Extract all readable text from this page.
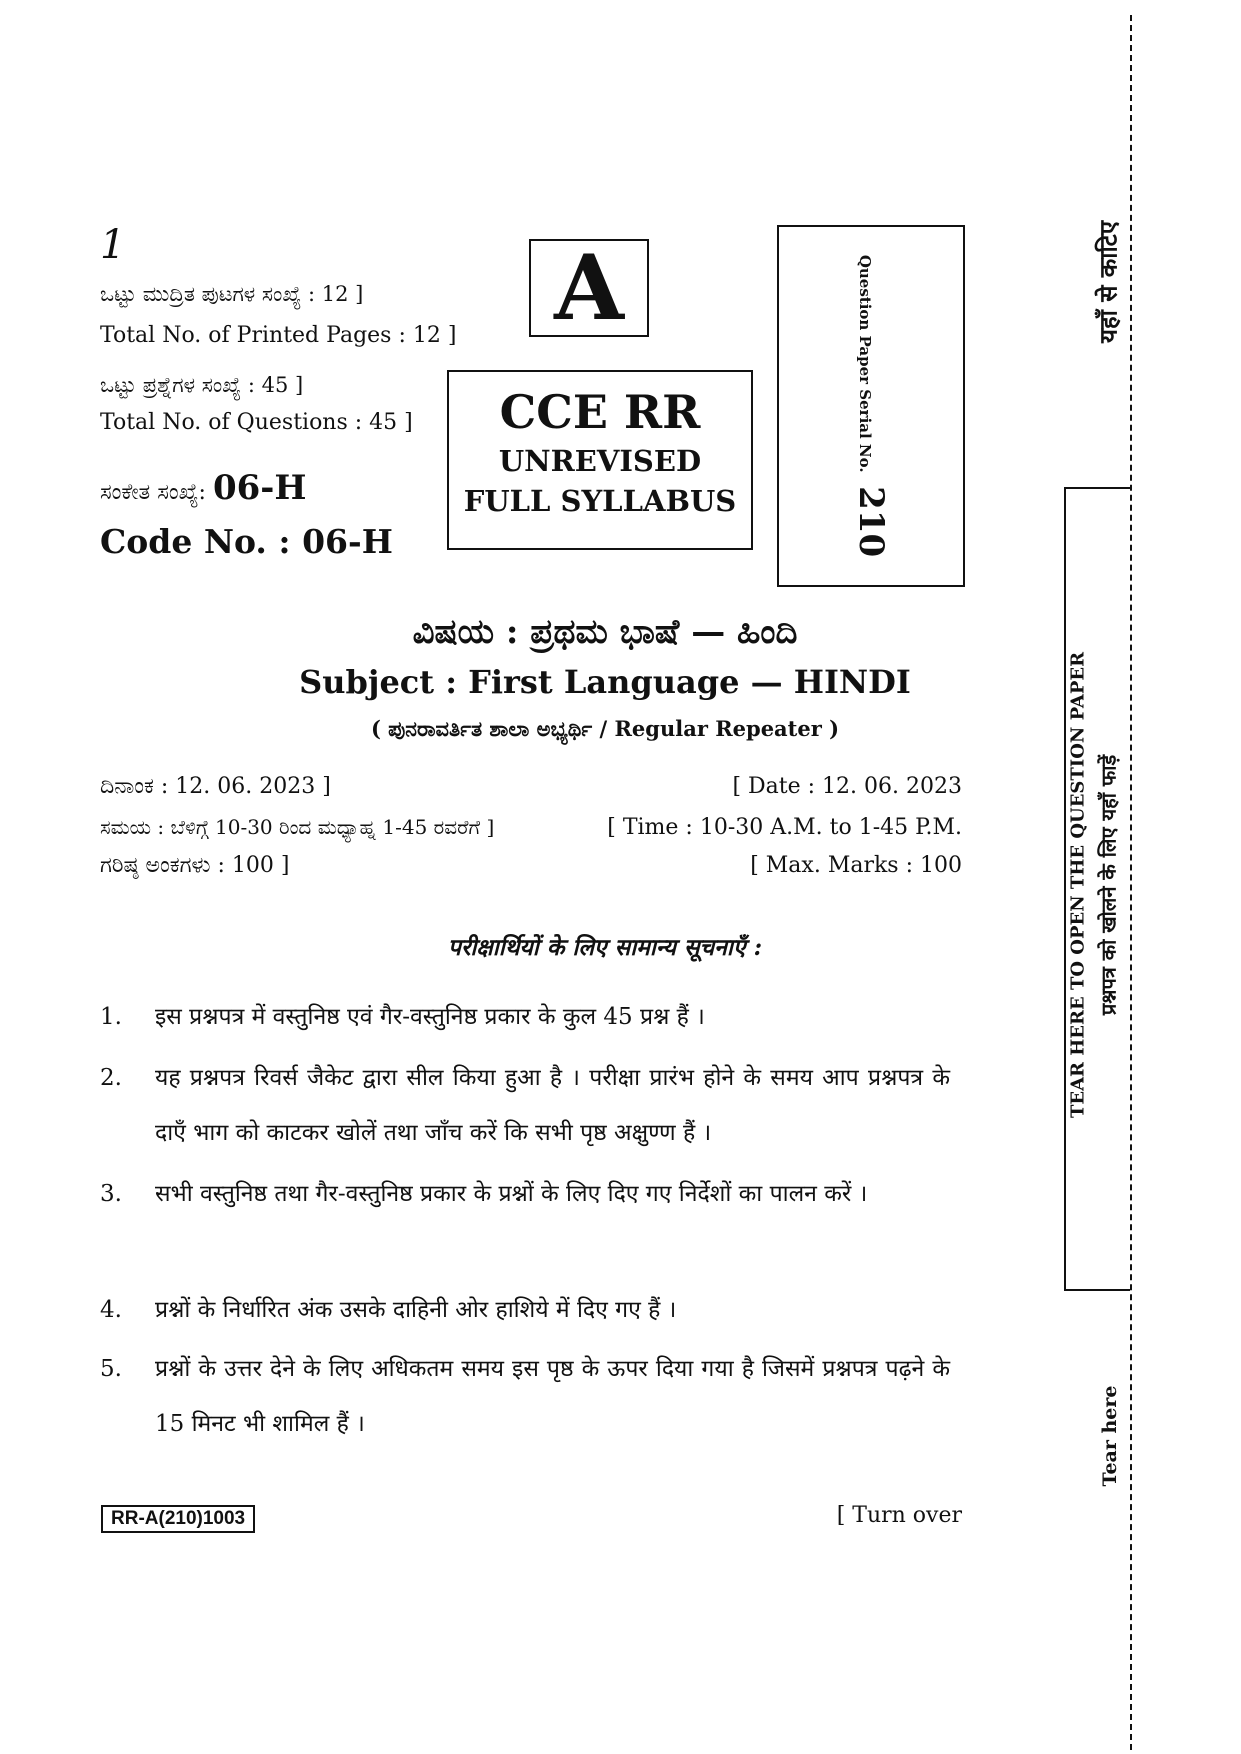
1
ಒಟ್ಟು ಮುದ್ರಿತ ಪುಟಗಳ ಸಂಖ್ಯೆ : 12 ]
Total No. of Printed Pages : 12 ]
ಒಟ್ಟು ಪ್ರಶ್ನೆಗಳ ಸಂಖ್ಯೆ : 45 ]
Total No. of Questions : 45 ]
ಸಂಕೇತ ಸಂಖ್ಯೆ: 06-H
Code No. : 06-H
A
CCE RR
UNREVISED
FULL SYLLABUS
Question Paper Serial No. 210
ವಿಷಯ : ಪ್ರಥಮ ಭಾಷೆ — ಹಿಂದಿ
Subject : First Language — HINDI
( ಪುನರಾವರ್ತಿತ ಶಾಲಾ ಅಭ್ಯರ್ಥಿ / Regular Repeater )
ದಿನಾಂಕ : 12. 06. 2023 ]	[ Date : 12. 06. 2023
ಸಮಯ : ಬೆಳಿಗ್ಗೆ 10-30 ರಿಂದ ಮಧ್ಯಾಹ್ನ 1-45 ರವರೆಗೆ ]	[ Time : 10-30 A.M. to 1-45 P.M.
ಗರಿಷ್ಠ ಅಂಕಗಳು : 100 ]	[ Max. Marks : 100
परीक्षार्थियों के लिए सामान्य सूचनाएँ :
1.	इस प्रश्नपत्र में वस्तुनिष्ठ एवं गैर-वस्तुनिष्ठ प्रकार के कुल 45 प्रश्न हैं ।
2.	यह प्रश्नपत्र रिवर्स जैकेट द्वारा सील किया हुआ है । परीक्षा प्रारंभ होने के समय आप प्रश्नपत्र के दाएँ भाग को काटकर खोलें तथा जाँच करें कि सभी पृष्ठ अक्षुण्ण हैं ।
3.	सभी वस्तुनिष्ठ तथा गैर-वस्तुनिष्ठ प्रकार के प्रश्नों के लिए दिए गए निर्देशों का पालन करें ।
4.	प्रश्नों के निर्धारित अंक उसके दाहिनी ओर हाशिये में दिए गए हैं ।
5.	प्रश्नों के उत्तर देने के लिए अधिकतम समय इस पृष्ठ के ऊपर दिया गया है जिसमें प्रश्नपत्र पढ़ने के 15 मिनट भी शामिल हैं ।
RR-A(210)1003	[ Turn over
यहाँ से काटिए
TEAR HERE TO OPEN THE QUESTION PAPER प्रश्नपत्र को खोलने के लिए यहाँ फाड़ें
Tear here
